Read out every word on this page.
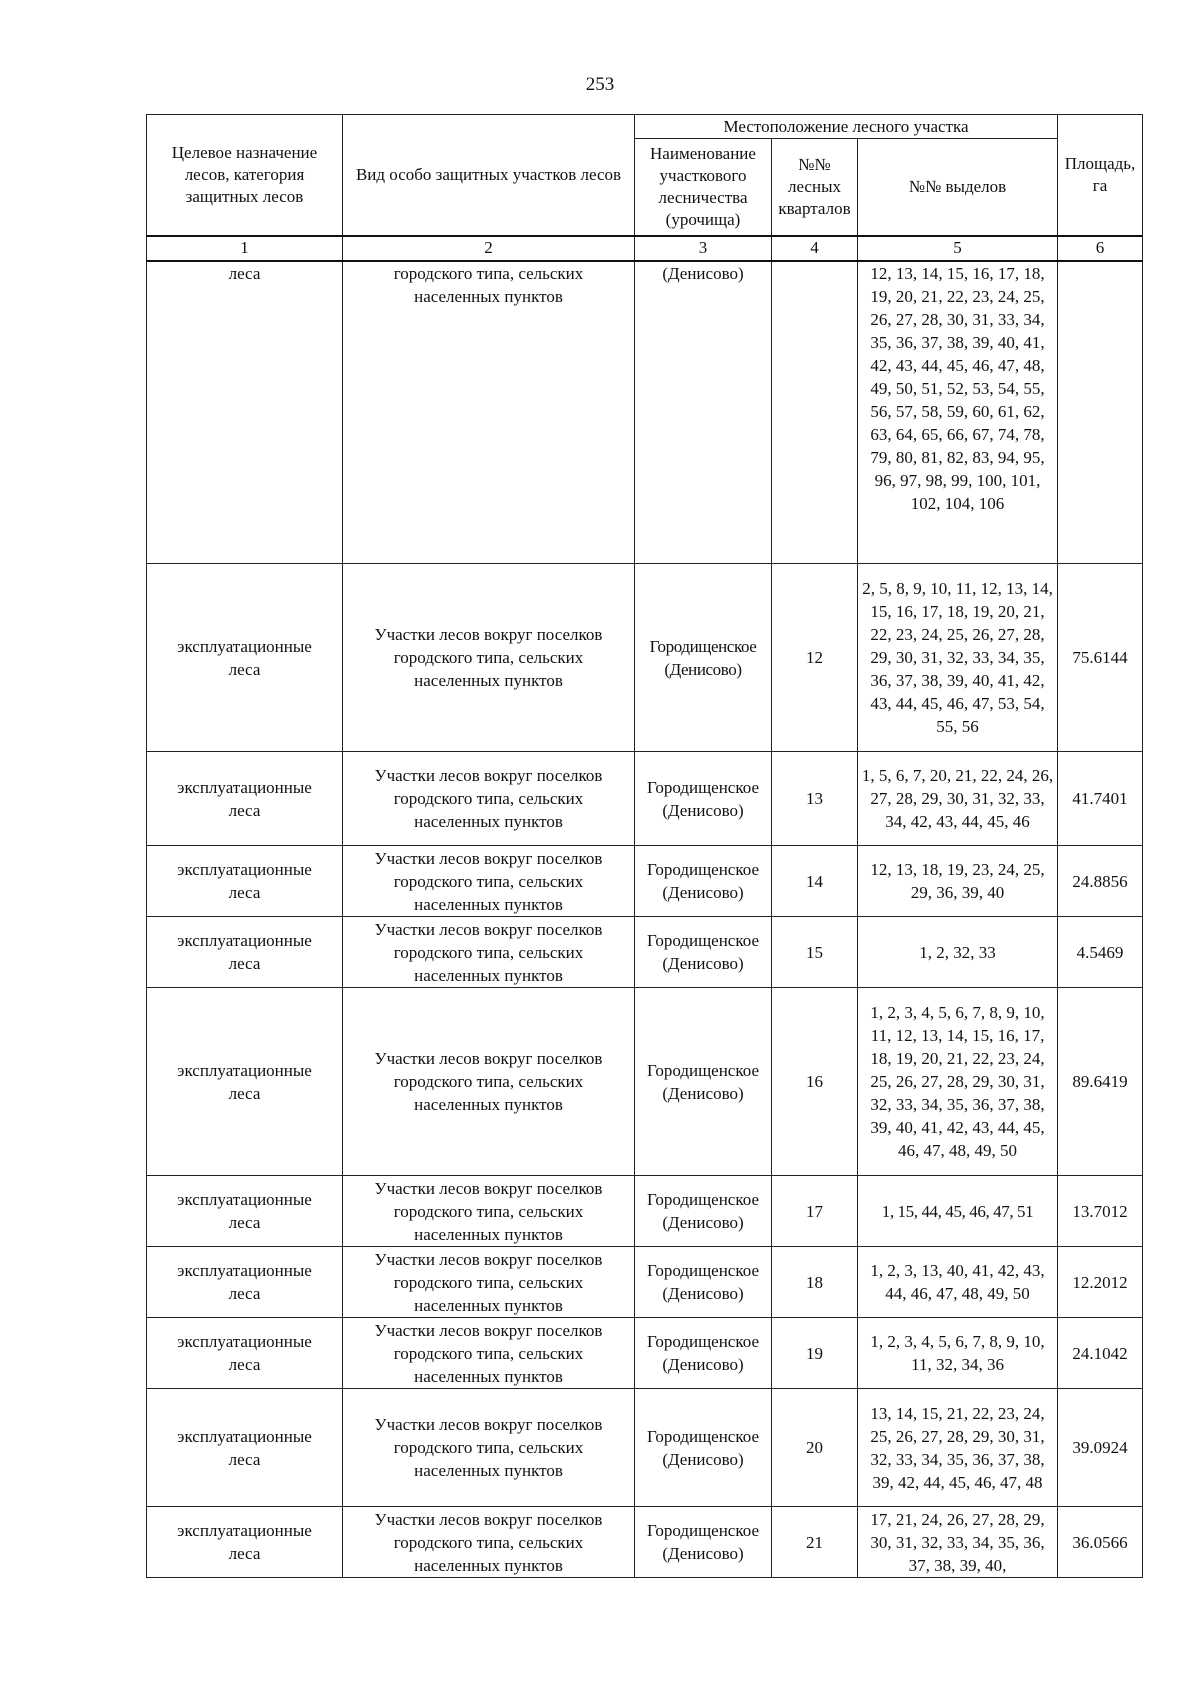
253
Целевое назначение лесов, категория защитных лесов	Вид особо защитных участков лесов	Местоположение лесного участка			Площадь, га
		Наименование участкового лесничества (урочища)	№№ лесных кварталов	№№ выделов	
1	2	3	4	5	6
леса	городского типа, сельских населенных пунктов	(Денисово)		12, 13, 14, 15, 16, 17, 18, 19, 20, 21, 22, 23, 24, 25, 26, 27, 28, 30, 31, 33, 34, 35, 36, 37, 38, 39, 40, 41, 42, 43, 44, 45, 46, 47, 48, 49, 50, 51, 52, 53, 54, 55, 56, 57, 58, 59, 60, 61, 62, 63, 64, 65, 66, 67, 74, 78, 79, 80, 81, 82, 83, 94, 95, 96, 97, 98, 99, 100, 101, 102, 104, 106	
эксплуатационные леса	Участки лесов вокруг поселков городского типа, сельских населенных пунктов	Городищенское (Денисово)	12	2, 5, 8, 9, 10, 11, 12, 13, 14, 15, 16, 17, 18, 19, 20, 21, 22, 23, 24, 25, 26, 27, 28, 29, 30, 31, 32, 33, 34, 35, 36, 37, 38, 39, 40, 41, 42, 43, 44, 45, 46, 47, 53, 54, 55, 56	75.6144
эксплуатационные леса	Участки лесов вокруг поселков городского типа, сельских населенных пунктов	Городищенское (Денисово)	13	1, 5, 6, 7, 20, 21, 22, 24, 26, 27, 28, 29, 30, 31, 32, 33, 34, 42, 43, 44, 45, 46	41.7401
эксплуатационные леса	Участки лесов вокруг поселков городского типа, сельских населенных пунктов	Городищенское (Денисово)	14	12, 13, 18, 19, 23, 24, 25, 29, 36, 39, 40	24.8856
эксплуатационные леса	Участки лесов вокруг поселков городского типа, сельских населенных пунктов	Городищенское (Денисово)	15	1, 2, 32, 33	4.5469
эксплуатационные леса	Участки лесов вокруг поселков городского типа, сельских населенных пунктов	Городищенское (Денисово)	16	1, 2, 3, 4, 5, 6, 7, 8, 9, 10, 11, 12, 13, 14, 15, 16, 17, 18, 19, 20, 21, 22, 23, 24, 25, 26, 27, 28, 29, 30, 31, 32, 33, 34, 35, 36, 37, 38, 39, 40, 41, 42, 43, 44, 45, 46, 47, 48, 49, 50	89.6419
эксплуатационные леса	Участки лесов вокруг поселков городского типа, сельских населенных пунктов	Городищенское (Денисово)	17	1, 15, 44, 45, 46, 47, 51	13.7012
эксплуатационные леса	Участки лесов вокруг поселков городского типа, сельских населенных пунктов	Городищенское (Денисово)	18	1, 2, 3, 13, 40, 41, 42, 43, 44, 46, 47, 48, 49, 50	12.2012
эксплуатационные леса	Участки лесов вокруг поселков городского типа, сельских населенных пунктов	Городищенское (Денисово)	19	1, 2, 3, 4, 5, 6, 7, 8, 9, 10, 11, 32, 34, 36	24.1042
эксплуатационные леса	Участки лесов вокруг поселков городского типа, сельских населенных пунктов	Городищенское (Денисово)	20	13, 14, 15, 21, 22, 23, 24, 25, 26, 27, 28, 29, 30, 31, 32, 33, 34, 35, 36, 37, 38, 39, 42, 44, 45, 46, 47, 48	39.0924
эксплуатационные леса	Участки лесов вокруг поселков городского типа, сельских населенных пунктов	Городищенское (Денисово)	21	17, 21, 24, 26, 27, 28, 29, 30, 31, 32, 33, 34, 35, 36, 37, 38, 39, 40,	36.0566
